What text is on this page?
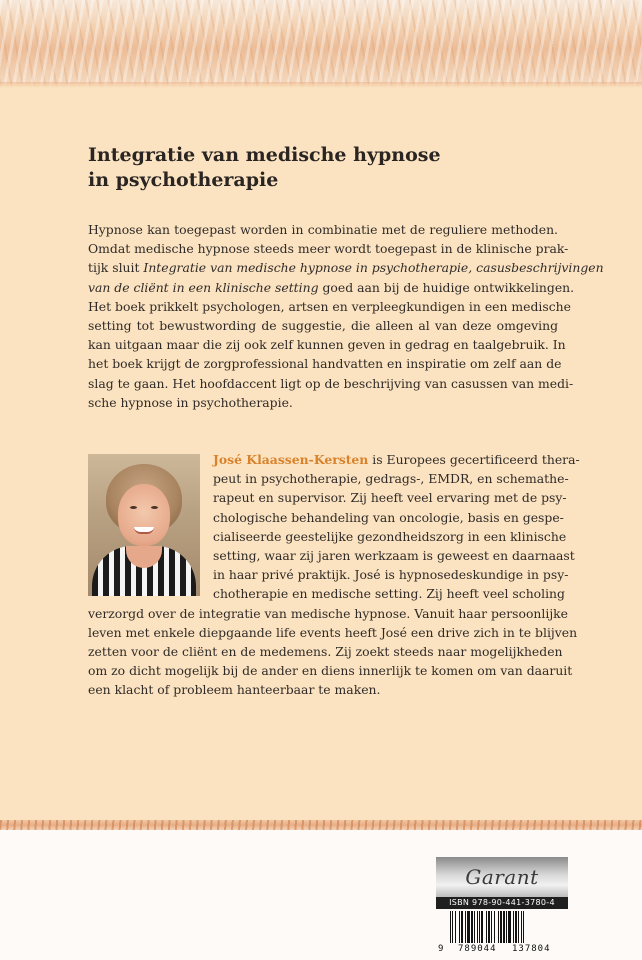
Integratie van medische hypnose
in psychotherapie
Hypnose kan toegepast worden in combinatie met de reguliere methoden.
Omdat medische hypnose steeds meer wordt toegepast in de klinische prak-
tijk sluit Integratie van medische hypnose in psychotherapie, casusbeschrijvingen
van de cliënt in een klinische setting goed aan bij de huidige ontwikkelingen.
Het boek prikkelt psychologen, artsen en verpleegkundigen in een medische
setting tot bewustwording de suggestie, die alleen al van deze omgeving
kan uitgaan maar die zij ook zelf kunnen geven in gedrag en taalgebruik. In
het boek krijgt de zorgprofessional handvatten en inspiratie om zelf aan de
slag te gaan. Het hoofdaccent ligt op de beschrijving van casussen van medi-
sche hypnose in psychotherapie.
José Klaassen-Kersten is Europees gecertificeerd thera-
peut in psychotherapie, gedrags-, EMDR, en schemathe-
rapeut en supervisor. Zij heeft veel ervaring met de psy-
chologische behandeling van oncologie, basis en gespe-
cialiseerde geestelijke gezondheidszorg in een klinische
setting, waar zij jaren werkzaam is geweest en daarnaast
in haar privé praktijk. José is hypnosedeskundige in psy-
chotherapie en medische setting. Zij heeft veel scholing
verzorgd over de integratie van medische hypnose. Vanuit haar persoonlijke
leven met enkele diepgaande life events heeft José een drive zich in te blijven
zetten voor de cliënt en de medemens. Zij zoekt steeds naar mogelijkheden
om zo dicht mogelijk bij de ander en diens innerlijk te komen om van daaruit
een klacht of probleem hanteerbaar te maken.
Garant
ISBN 978-90-441-3780-4
9 789044 137804
